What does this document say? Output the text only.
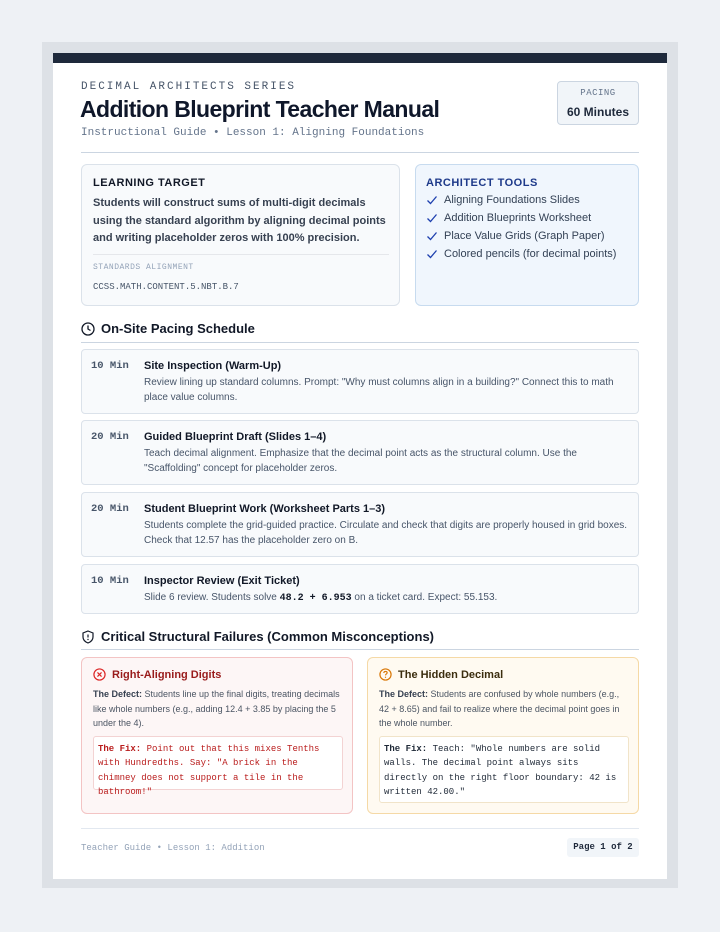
DECIMAL ARCHITECTS SERIES
Addition Blueprint Teacher Manual
Instructional Guide • Lesson 1: Aligning Foundations
PACING
60 Minutes
LEARNING TARGET
Students will construct sums of multi-digit decimals using the standard algorithm by aligning decimal points and writing placeholder zeros with 100% precision.
STANDARDS ALIGNMENT
CCSS.MATH.CONTENT.5.NBT.B.7
ARCHITECT TOOLS
Aligning Foundations Slides
Addition Blueprints Worksheet
Place Value Grids (Graph Paper)
Colored pencils (for decimal points)
On-Site Pacing Schedule
10 Min Site Inspection (Warm-Up)
Review lining up standard columns. Prompt: "Why must columns align in a building?" Connect this to math place value columns.
20 Min Guided Blueprint Draft (Slides 1–4)
Teach decimal alignment. Emphasize that the decimal point acts as the structural column. Use the "Scaffolding" concept for placeholder zeros.
20 Min Student Blueprint Work (Worksheet Parts 1–3)
Students complete the grid-guided practice. Circulate and check that digits are properly housed in grid boxes. Check that 12.57 has the placeholder zero on B.
10 Min Inspector Review (Exit Ticket)
Slide 6 review. Students solve 48.2 + 6.953 on a ticket card. Expect: 55.153.
Critical Structural Failures (Common Misconceptions)
Right-Aligning Digits
The Defect: Students line up the final digits, treating decimals like whole numbers (e.g., adding 12.4 + 3.85 by placing the 5 under the 4).
The Fix: Point out that this mixes Tenths with Hundredths. Say: "A brick in the chimney does not support a tile in the bathroom!"
The Hidden Decimal
The Defect: Students are confused by whole numbers (e.g., 42 + 8.65) and fail to realize where the decimal point goes in the whole number.
The Fix: Teach: "Whole numbers are solid walls. The decimal point always sits directly on the right floor boundary: 42 is written 42.00."
Teacher Guide • Lesson 1: Addition	Page 1 of 2
